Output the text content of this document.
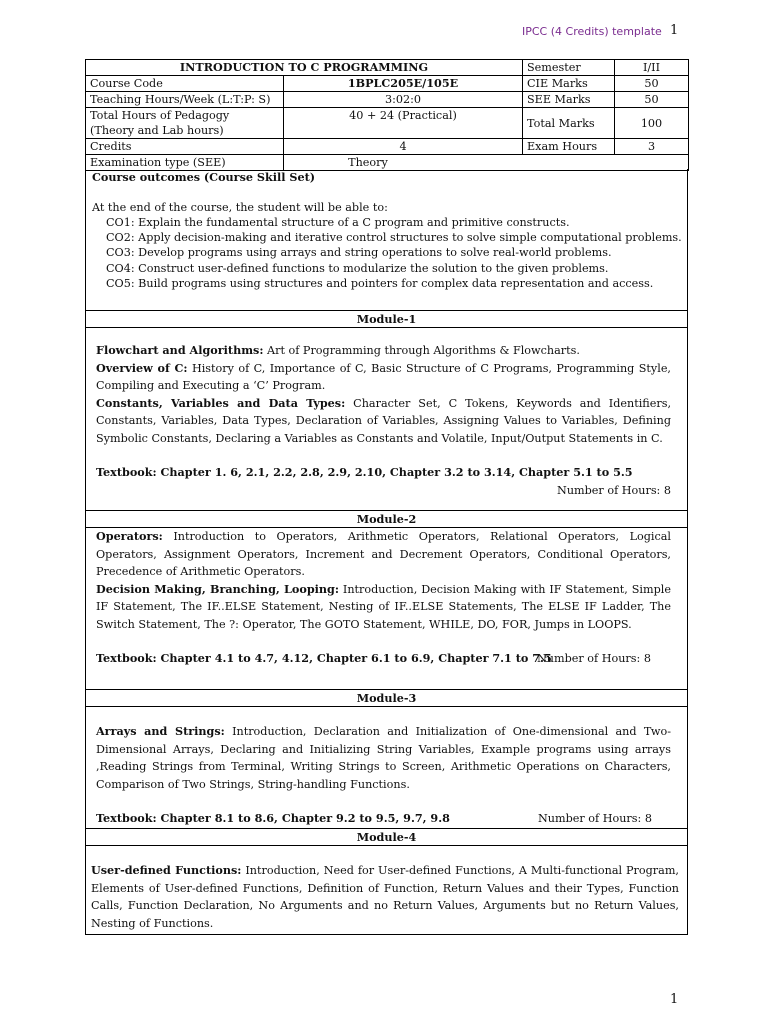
IPCC (4 Credits) template 1
INTRODUCTION TO C PROGRAMMING		Semester	I/II
Course Code	1BPLC205E/105E	CIE Marks	50
Teaching Hours/Week (L:T:P: S)	3:02:0	SEE Marks	50
Total Hours of Pedagogy
(Theory and Lab hours)	40 + 24 (Practical)	Total Marks	100
Credits	4	Exam Hours	3
Examination type (SEE)	Theory		
Course outcomes (Course Skill Set)
At the end of the course, the student will be able to:

CO1: Explain the fundamental structure of a C program and primitive constructs.

CO2: Apply decision-making and iterative control structures to solve simple computational problems.

CO3: Develop programs using arrays and string operations to solve real-world problems.

CO4: Construct user-defined functions to modularize the solution to the given problems.

CO5: Build programs using structures and pointers for complex data representation and access.

Module-1

Flowchart and Algorithms: Art of Programming through Algorithms & Flowcharts.

Overview of C: History of C, Importance of C, Basic Structure of C Programs, Programming Style, Compiling and Executing a ‘C’ Program.

Constants, Variables and Data Types: Character Set, C Tokens, Keywords and Identifiers, Constants, Variables, Data Types, Declaration of Variables, Assigning Values to Variables, Defining Symbolic Constants, Declaring a Variables as Constants and Volatile, Input/Output Statements in C.

Textbook: Chapter 1. 6, 2.1, 2.2, 2.8, 2.9, 2.10, Chapter 3.2 to 3.14, Chapter 5.1 to 5.5

Number of Hours: 8

Module-2

Operators: Introduction to Operators, Arithmetic Operators, Relational Operators, Logical Operators, Assignment Operators, Increment and Decrement Operators, Conditional Operators, Precedence of Arithmetic Operators.

Decision Making, Branching, Looping: Introduction, Decision Making with IF Statement, Simple IF Statement, The IF..ELSE Statement, Nesting of IF..ELSE Statements, The ELSE IF Ladder, The Switch Statement, The ?: Operator, The GOTO Statement, WHILE, DO, FOR, Jumps in LOOPS.

Textbook: Chapter 4.1 to 4.7, 4.12, Chapter 6.1 to 6.9, Chapter 7.1 to 7.5
Number of Hours: 8

Module-3

Arrays and Strings: Introduction, Declaration and Initialization of One-dimensional and Two-Dimensional Arrays, Declaring and Initializing String Variables, Example programs using arrays ,Reading Strings from Terminal, Writing Strings to Screen, Arithmetic Operations on Characters, Comparison of Two Strings, String-handling Functions.

Textbook: Chapter 8.1 to 8.6, Chapter 9.2 to 9.5, 9.7, 9.8	Number of Hours: 8

Module-4

User-defined Functions: Introduction, Need for User-defined Functions, A Multi-functional Program, Elements of User-defined Functions, Definition of Function, Return Values and their Types, Function Calls, Function Declaration, No Arguments and no Return Values, Arguments but no Return Values, Nesting of Functions.

1
